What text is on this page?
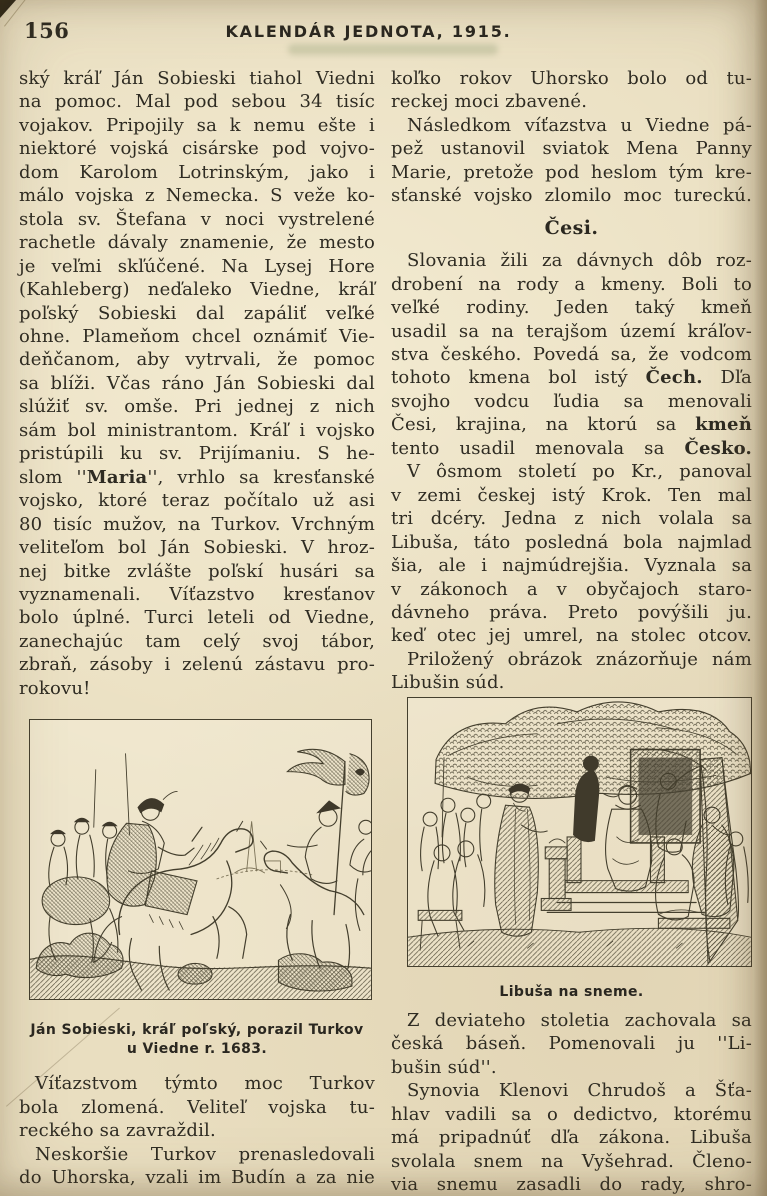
156	KALENDÁR JEDNOTA, 1915.
ský kráľ Ján Sobieski tiahol Viedni
na pomoc. Mal pod sebou 34 tisíc
vojakov. Pripojily sa k nemu ešte i
niektoré vojská cisárske pod vojvo-
dom Karolom Lotrinským, jako i
málo vojska z Nemecka. S veže ko-
stola sv. Štefana v noci vystrelené
rachetle dávaly znamenie, že mesto
je veľmi skľúčené. Na Lysej Hore
(Kahleberg) neďaleko Viedne, kráľ
poľský Sobieski dal zapáliť veľké
ohne. Plameňom chcel oznámiť Vie-
deňčanom, aby vytrvali, že pomoc
sa blíži. Včas ráno Ján Sobieski dal
slúžiť sv. omše. Pri jednej z nich
sám bol ministrantom. Kráľ i vojsko
pristúpili ku sv. Prijímaniu. S he-
slom ''Maria'', vrhlo sa kresťanské
vojsko, ktoré teraz počítalo už asi
80 tisíc mužov, na Turkov. Vrchným
veliteľom bol Ján Sobieski. V hroz-
nej bitke zvlášte poľskí husári sa
vyznamenali. Víťazstvo kresťanov
bolo úplné. Turci leteli od Viedne,
zanechajúc tam celý svoj tábor,
zbraň, zásoby i zelenú zástavu pro-
rokovu!
Ján Sobieski, kráľ poľský, porazil Turkov
u Viedne r. 1683.
Víťazstvom týmto moc Turkov
bola zlomená. Veliteľ vojska tu-
reckého sa zavraždil.
Neskoršie Turkov prenasledovali
do Uhorska, vzali im Budín a za nie
koľko rokov Uhorsko bolo od tu-
reckej moci zbavené.
Následkom víťazstva u Viedne pá-
pež ustanovil sviatok Mena Panny
Marie, pretože pod heslom tým kre-
sťanské vojsko zlomilo moc tureckú.
Česi.
Slovania žili za dávnych dôb roz-
drobení na rody a kmeny. Boli to
veľké rodiny. Jeden taký kmeň
usadil sa na terajšom území kráľov-
stva českého. Povedá sa, že vodcom
tohoto kmena bol istý Čech. Dľa
svojho vodcu ľudia sa menovali
Česi, krajina, na ktorú sa kmeň
tento usadil menovala sa Česko.
V ôsmom století po Kr., panoval
v zemi českej istý Krok. Ten mal
tri dcéry. Jedna z nich volala sa
Libuša, táto posledná bola najmlad
šia, ale i najmúdrejšia. Vyznala sa
v zákonoch a v obyčajoch staro-
dávneho práva. Preto povýšili ju.
keď otec jej umrel, na stolec otcov.
Priložený obrázok znázorňuje nám
Libušin súd.
Libuša na sneme.
Z deviateho stoletia zachovala sa
česká báseň. Pomenovali ju ''Li-
bušin súd''.
Synovia Klenovi Chrudoš a Šťa-
hlav vadili sa o dedictvo, ktorému
má pripadnúť dľa zákona. Libuša
svolala snem na Vyšehrad. Členo-
via snemu zasadli do rady, shro-
